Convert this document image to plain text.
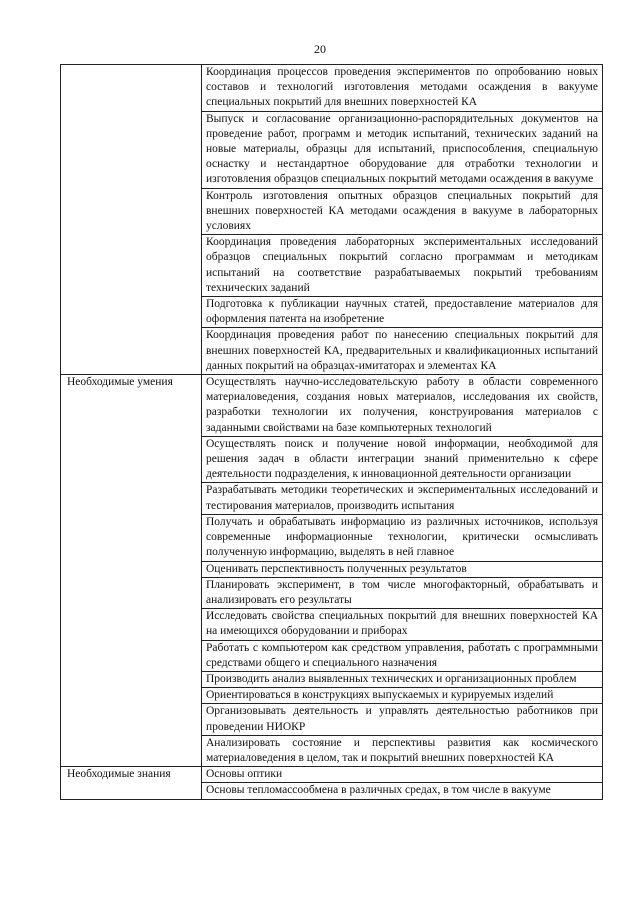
20
	Координация процессов проведения экспериментов по опробованию новых составов и технологий изготовления методами осаждения в вакууме специальных покрытий для внешних поверхностей КА
	Выпуск и согласование организационно-распорядительных документов на проведение работ, программ и методик испытаний, технических заданий на новые материалы, образцы для испытаний, приспособления, специальную оснастку и нестандартное оборудование для отработки технологии и изготовления образцов специальных покрытий методами осаждения в вакууме
	Контроль изготовления опытных образцов специальных покрытий для внешних поверхностей КА методами осаждения в вакууме в лабораторных условиях
	Координация проведения лабораторных экспериментальных исследований образцов специальных покрытий согласно программам и методикам испытаний на соответствие разрабатываемых покрытий требованиям технических заданий
	Подготовка к публикации научных статей, предоставление материалов для оформления патента на изобретение
	Координация проведения работ по нанесению специальных покрытий для внешних поверхностей КА, предварительных и квалификационных испытаний данных покрытий на образцах-имитаторах и элементах КА
Необходимые умения	Осуществлять научно-исследовательскую работу в области современного материаловедения, создания новых материалов, исследования их свойств, разработки технологии их получения, конструирования материалов с заданными свойствами на базе компьютерных технологий
	Осуществлять поиск и получение новой информации, необходимой для решения задач в области интеграции знаний применительно к сфере деятельности подразделения, к инновационной деятельности организации
	Разрабатывать методики теоретических и экспериментальных исследований и тестирования материалов, производить испытания
	Получать и обрабатывать информацию из различных источников, используя современные информационные технологии, критически осмысливать полученную информацию, выделять в ней главное
	Оценивать перспективность полученных результатов
	Планировать эксперимент, в том числе многофакторный, обрабатывать и анализировать его результаты
	Исследовать свойства специальных покрытий для внешних поверхностей КА на имеющихся оборудовании и приборах
	Работать с компьютером как средством управления, работать с программными средствами общего и специального назначения
	Производить анализ выявленных технических и организационных проблем
	Ориентироваться в конструкциях выпускаемых и курируемых изделий
	Организовывать деятельность и управлять деятельностью работников при проведении НИОКР
	Анализировать состояние и перспективы развития как космического материаловедения в целом, так и покрытий внешних поверхностей КА
Необходимые знания	Основы оптики
	Основы тепломассообмена в различных средах, в том числе в вакууме
